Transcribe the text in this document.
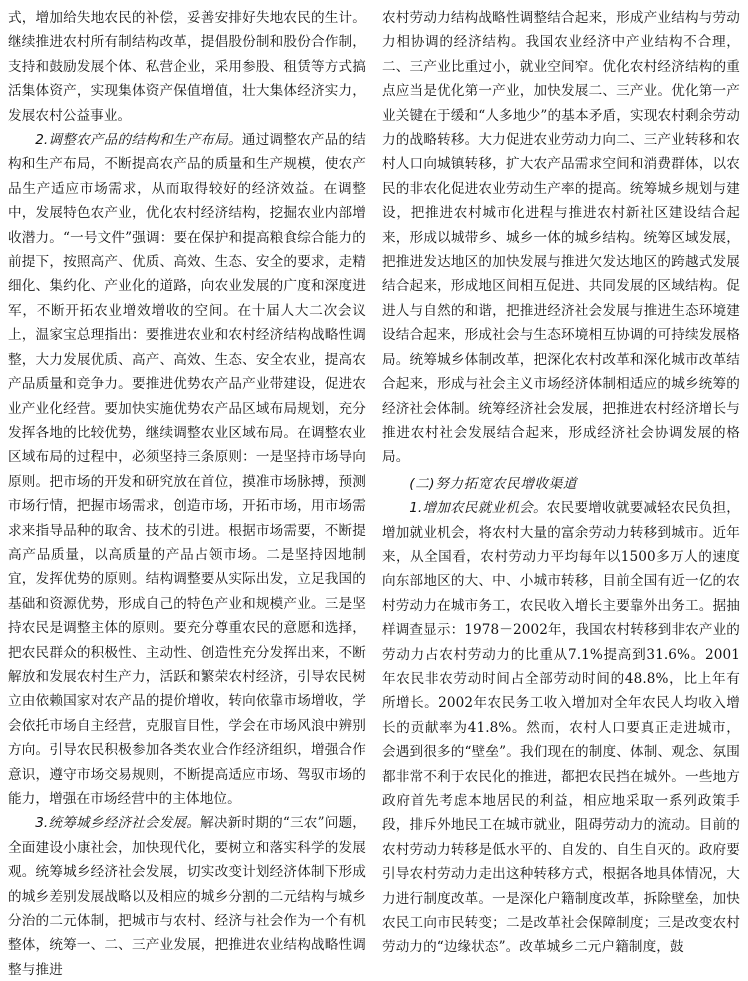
式，增加给失地农民的补偿，妥善安排好失地农民的生计。继续推进农村所有制结构改革，提倡股份制和股份合作制，支持和鼓励发展个体、私营企业，采用参股、租赁等方式搞活集体资产，实现集体资产保值增值，壮大集体经济实力，发展农村公益事业。

2.调整农产品的结构和生产布局。通过调整农产品的结构和生产布局，不断提高农产品的质量和生产规模，使农产品生产适应市场需求，从而取得较好的经济效益。在调整中，发展特色农产业，优化农村经济结构，挖掘农业内部增收潜力。“一号文件”强调：要在保护和提高粮食综合能力的前提下，按照高产、优质、高效、生态、安全的要求，走精细化、集约化、产业化的道路，向农业发展的广度和深度进军，不断开拓农业增效增收的空间。在十届人大二次会议上，温家宝总理指出：要推进农业和农村经济结构战略性调整，大力发展优质、高产、高效、生态、安全农业，提高农产品质量和竞争力。要推进优势农产品产业带建设，促进农业产业化经营。要加快实施优势农产品区域布局规划，充分发挥各地的比较优势，继续调整农业区域布局。在调整农业区域布局的过程中，必须坚持三条原则：一是坚持市场导向原则。把市场的开发和研究放在首位，摸准市场脉搏，预测市场行情，把握市场需求，创造市场，开拓市场，用市场需求来指导品种的取舍、技术的引进。根据市场需要，不断提高产品质量，以高质量的产品占领市场。二是坚持因地制宜，发挥优势的原则。结构调整要从实际出发，立足我国的基础和资源优势，形成自己的特色产业和规模产业。三是坚持农民是调整主体的原则。要充分尊重农民的意愿和选择，把农民群众的积极性、主动性、创造性充分发挥出来，不断解放和发展农村生产力，活跃和繁荣农村经济，引导农民树立由依赖国家对农产品的提价增收，转向依靠市场增收，学会依托市场自主经营，克服盲目性，学会在市场风浪中辨别方向。引导农民积极参加各类农业合作经济组织，增强合作意识，遵守市场交易规则，不断提高适应市场、驾驭市场的能力，增强在市场经营中的主体地位。

3.统筹城乡经济社会发展。解决新时期的“三农”问题，全面建设小康社会，加快现代化，要树立和落实科学的发展观。统筹城乡经济社会发展，切实改变计划经济体制下形成的城乡差别发展战略以及相应的城乡分割的二元结构与城乡分治的二元体制，把城市与农村、经济与社会作为一个有机整体，统筹一、二、三产业发展，把推进农业结构战略性调整与推进

农村劳动力结构战略性调整结合起来，形成产业结构与劳动力相协调的经济结构。我国农业经济中产业结构不合理，二、三产业比重过小，就业空间窄。优化农村经济结构的重点应当是优化第一产业，加快发展二、三产业。优化第一产业关键在于缓和“人多地少”的基本矛盾，实现农村剩余劳动力的战略转移。大力促进农业劳动力向二、三产业转移和农村人口向城镇转移，扩大农产品需求空间和消费群体，以农民的非农化促进农业劳动生产率的提高。统筹城乡规划与建设，把推进农村城市化进程与推进农村新社区建设结合起来，形成以城带乡、城乡一体的城乡结构。统筹区域发展，把推进发达地区的加快发展与推进欠发达地区的跨越式发展结合起来，形成地区间相互促进、共同发展的区域结构。促进人与自然的和谐，把推进经济社会发展与推进生态环境建设结合起来，形成社会与生态环境相互协调的可持续发展格局。统筹城乡体制改革，把深化农村改革和深化城市改革结合起来，形成与社会主义市场经济体制相适应的城乡统筹的经济社会体制。统筹经济社会发展，把推进农村经济增长与推进农村社会发展结合起来，形成经济社会协调发展的格局。

(二)努力拓宽农民增收渠道

1.增加农民就业机会。农民要增收就要减轻农民负担，增加就业机会，将农村大量的富余劳动力转移到城市。近年来，从全国看，农村劳动力平均每年以1500多万人的速度向东部地区的大、中、小城市转移，目前全国有近一亿的农村劳动力在城市务工，农民收入增长主要靠外出务工。据抽样调查显示：1978－2002年，我国农村转移到非农产业的劳动力占农村劳动力的比重从7.1%提高到31.6%。2001年农民非农劳动时间占全部劳动时间的48.8%，比上年有所增长。2002年农民务工收入增加对全年农民人均收入增长的贡献率为41.8%。然而，农村人口要真正走进城市，会遇到很多的“壁垒”。我们现在的制度、体制、观念、氛围都非常不利于农民化的推进，都把农民挡在城外。一些地方政府首先考虑本地居民的利益，相应地采取一系列政策手段，排斥外地民工在城市就业，阻碍劳动力的流动。目前的农村劳动力转移是低水平的、自发的、自生自灭的。政府要引导农村劳动力走出这种转移方式，根据各地具体情况，大力进行制度改革。一是深化户籍制度改革，拆除壁垒，加快农民工向市民转变；二是改革社会保障制度；三是改变农村劳动力的“边缘状态”。改革城乡二元户籍制度，鼓
